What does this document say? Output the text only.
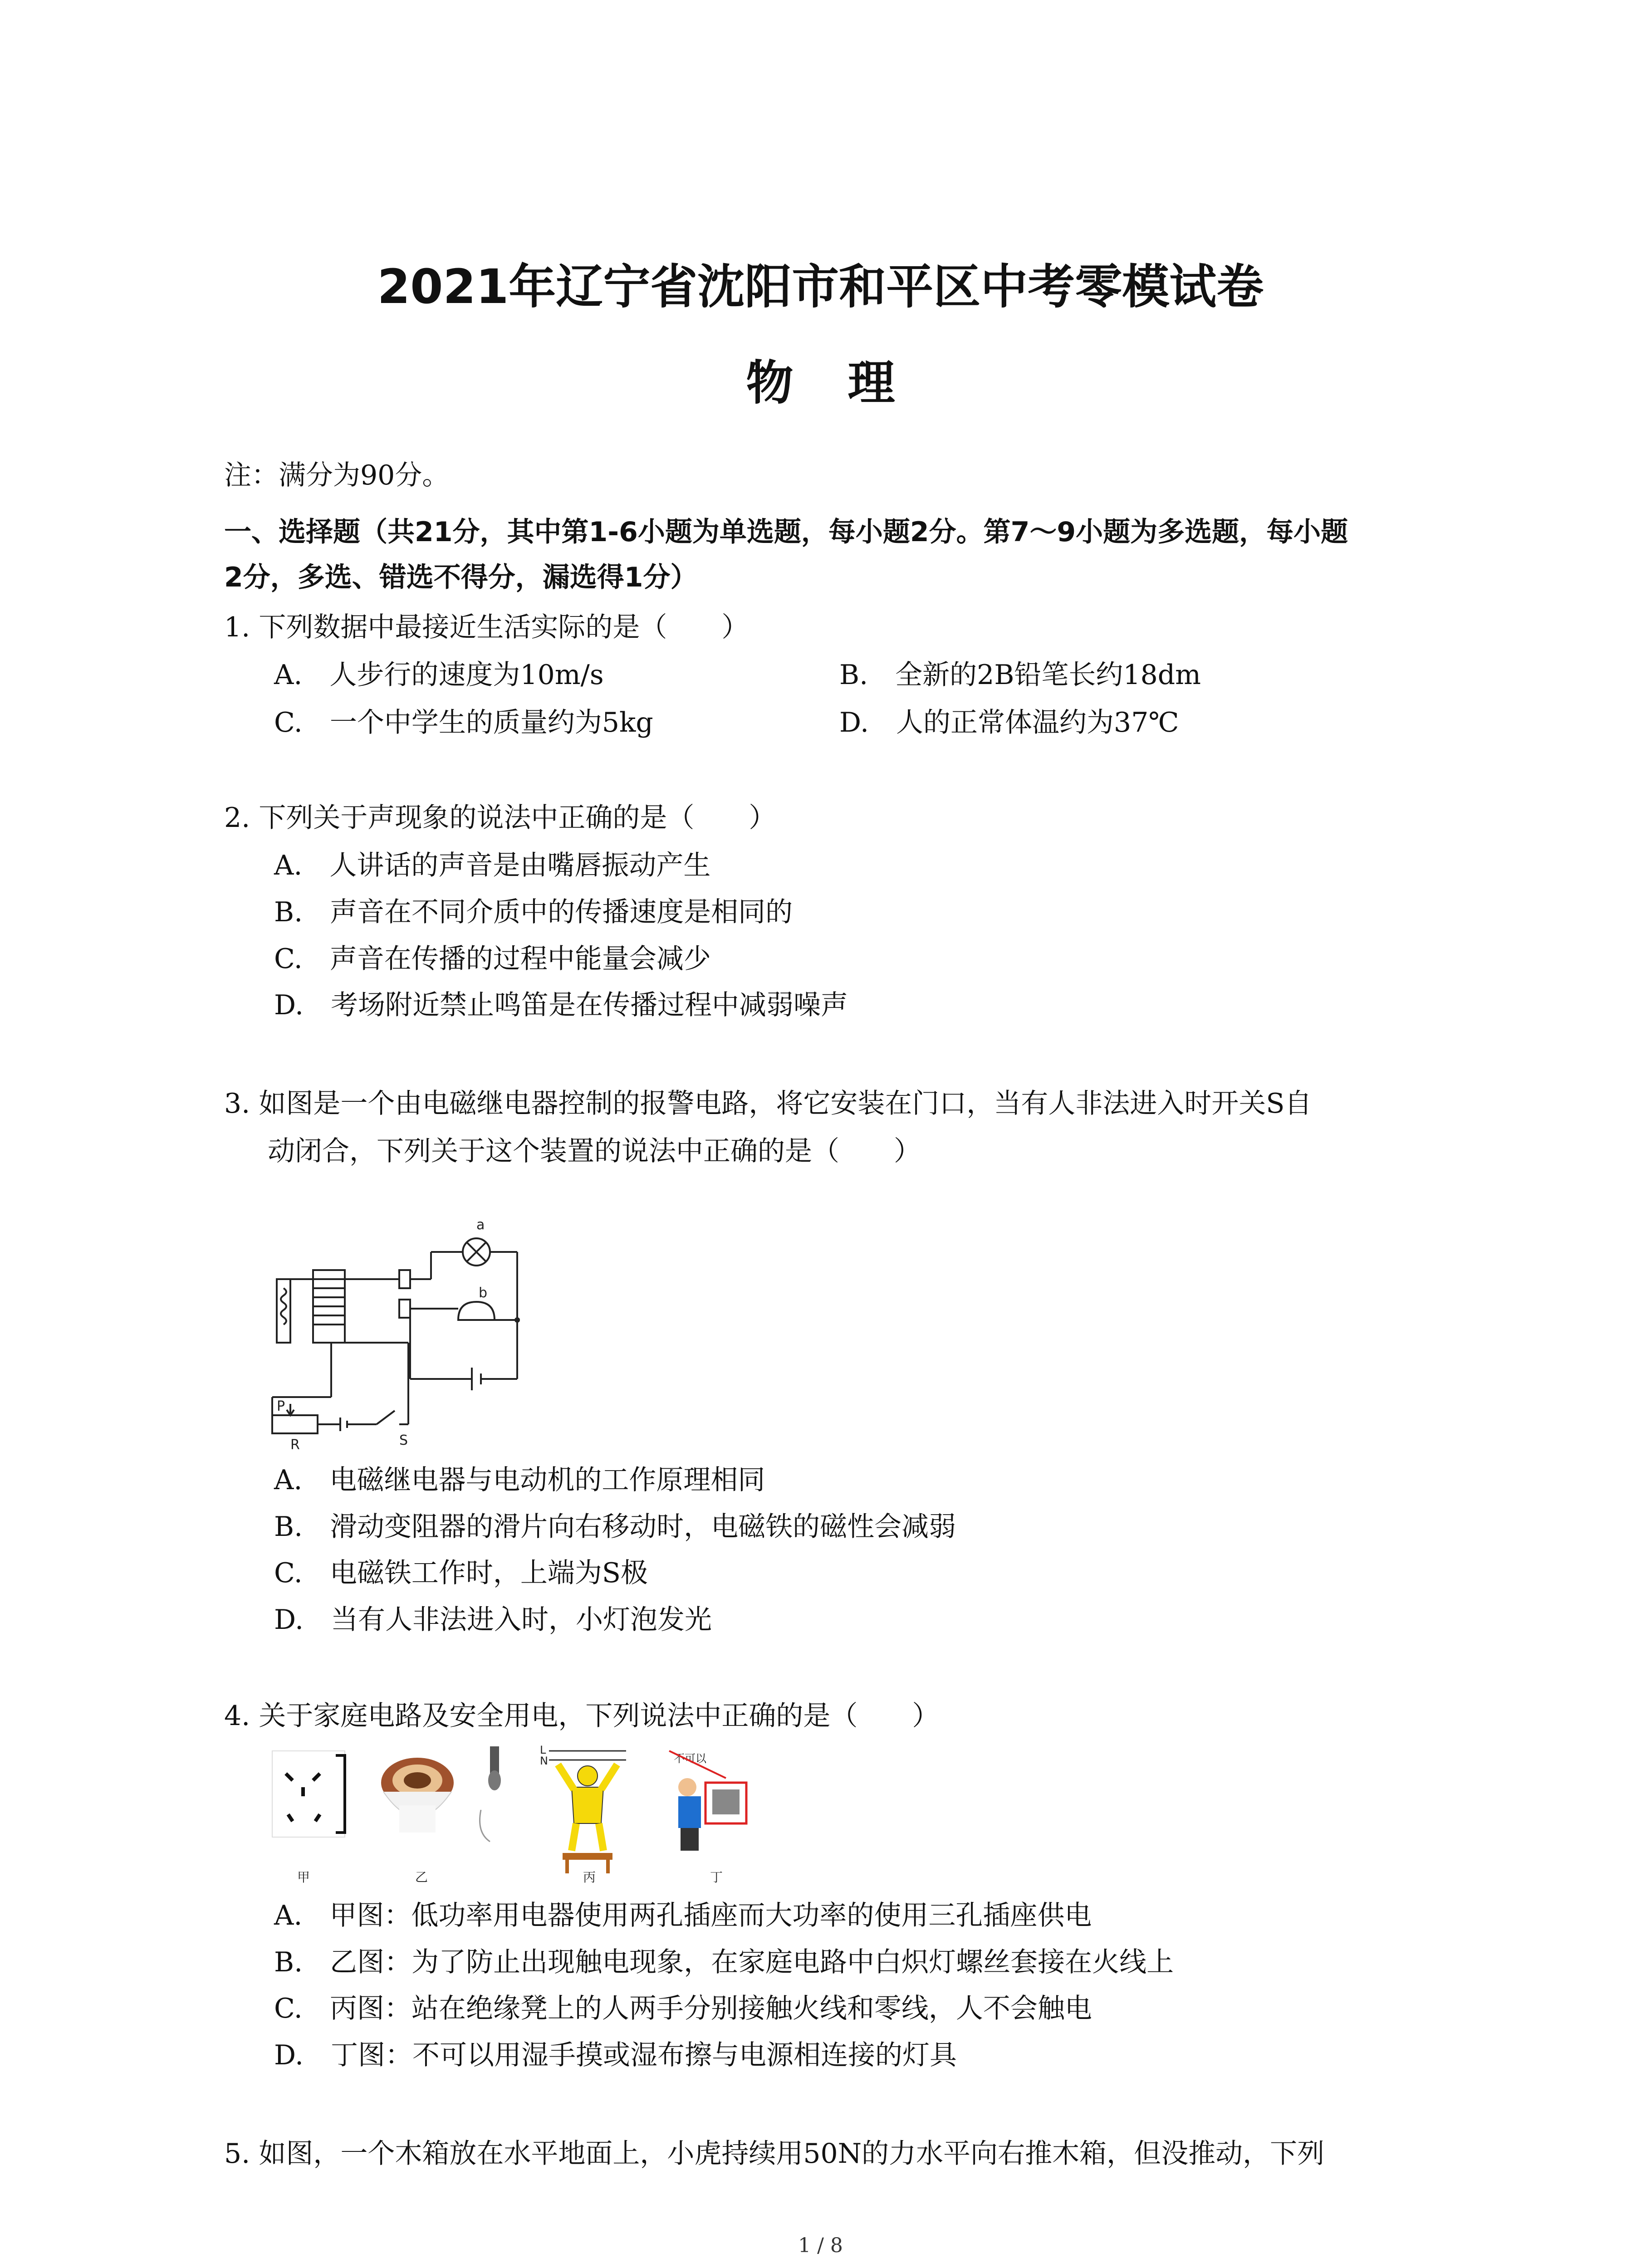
2021年辽宁省沈阳市和平区中考零模试卷
物理
注：满分为90分。
一、选择题（共21分，其中第1-6小题为单选题，每小题2分。第7～9小题为多选题，每小题
2分，多选、错选不得分，漏选得1分）
1. 下列数据中最接近生活实际的是（　　）
A.　人步行的速度为10m/s	B.　全新的2B铅笔长约18dm
C.　一个中学生的质量约为5kg	D.　人的正常体温约为37℃
2. 下列关于声现象的说法中正确的是（　　）
A.　人讲话的声音是由嘴唇振动产生
B.　声音在不同介质中的传播速度是相同的
C.　声音在传播的过程中能量会减少
D.　考场附近禁止鸣笛是在传播过程中减弱噪声
3. 如图是一个由电磁继电器控制的报警电路，将它安装在门口，当有人非法进入时开关S自
动闭合，下列关于这个装置的说法中正确的是（　　）
a
b
P
R	S
A.　电磁继电器与电动机的工作原理相同
B.　滑动变阻器的滑片向右移动时，电磁铁的磁性会减弱
C.　电磁铁工作时，上端为S极
D.　当有人非法进入时，小灯泡发光
4. 关于家庭电路及安全用电，下列说法中正确的是（　　）
L
N	不可以
甲	乙	丙	丁
A.　甲图：低功率用电器使用两孔插座而大功率的使用三孔插座供电
B.　乙图：为了防止出现触电现象，在家庭电路中白炽灯螺丝套接在火线上
C.　丙图：站在绝缘凳上的人两手分别接触火线和零线，人不会触电
D.　丁图：不可以用湿手摸或湿布擦与电源相连接的灯具
5. 如图，一个木箱放在水平地面上，小虎持续用50N的力水平向右推木箱，但没推动，下列
1 / 8
